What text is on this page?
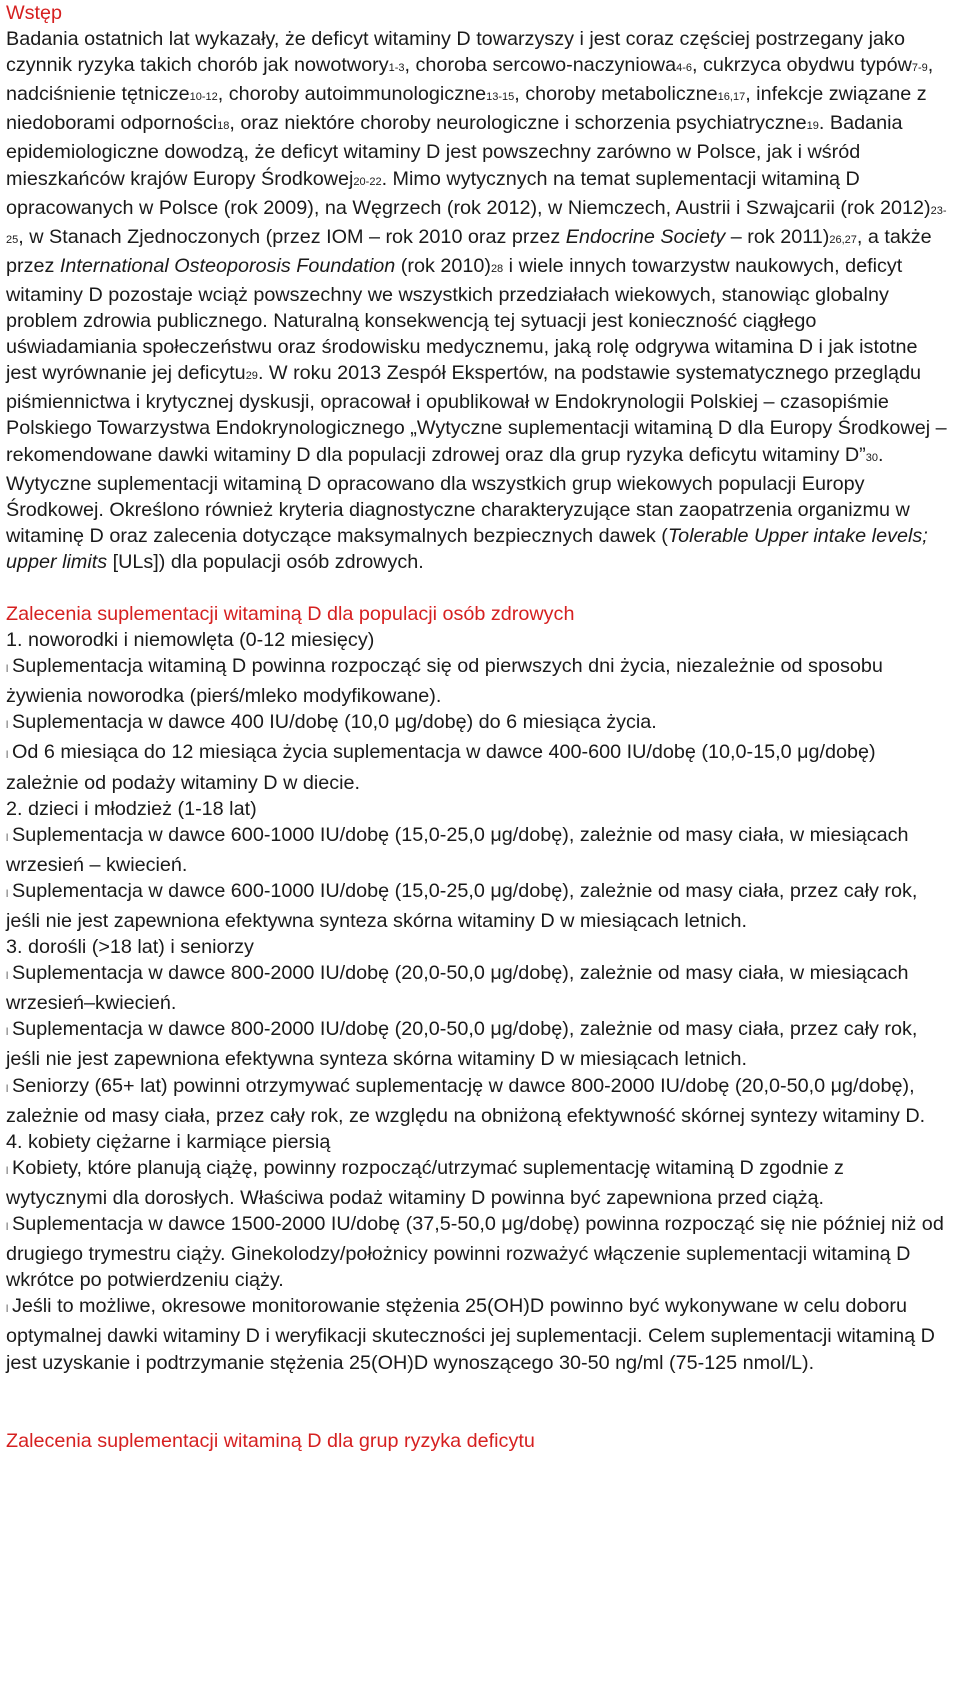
Wstęp

Badania ostatnich lat wykazały, że deficyt witaminy D towarzyszy i jest coraz częściej postrzegany jako czynnik ryzyka takich chorób jak nowotwory1-3, choroba sercowo-naczyniowa4-6, cukrzyca obydwu typów7-9, nadciśnienie tętnicze10-12, choroby autoimmunologiczne13-15, choroby metaboliczne16,17, infekcje związane z niedoborami odporności18, oraz niektóre choroby neurologiczne i schorzenia psychiatryczne19. Badania epidemiologiczne dowodzą, że deficyt witaminy D jest powszechny zarówno w Polsce, jak i wśród mieszkańców krajów Europy Środkowej20-22. Mimo wytycznych na temat suplementacji witaminą D opracowanych w Polsce (rok 2009), na Węgrzech (rok 2012), w Niemczech, Austrii i Szwajcarii (rok 2012)23-25, w Stanach Zjednoczonych (przez IOM – rok 2010 oraz przez Endocrine Society – rok 2011)26,27, a także przez International Osteoporosis Foundation (rok 2010)28 i wiele innych towarzystw naukowych, deficyt witaminy D pozostaje wciąż powszechny we wszystkich przedziałach wiekowych, stanowiąc globalny problem zdrowia publicznego. Naturalną konsekwencją tej sytuacji jest konieczność ciągłego uświadamiania społeczeństwu oraz środowisku medycznemu, jaką rolę odgrywa witamina D i jak istotne jest wyrównanie jej deficytu29. W roku 2013 Zespół Ekspertów, na podstawie systematycznego przeglądu piśmiennictwa i krytycznej dyskusji, opracował i opublikował w Endokrynologii Polskiej – czasopiśmie Polskiego Towarzystwa Endokrynologicznego „Wytyczne suplementacji witaminą D dla Europy Środkowej – rekomendowane dawki witaminy D dla populacji zdrowej oraz dla grup ryzyka deficytu witaminy D”30. Wytyczne suplementacji witaminą D opracowano dla wszystkich grup wiekowych populacji Europy Środkowej. Określono również kryteria diagnostyczne charakteryzujące stan zaopatrzenia organizmu w witaminę D oraz zalecenia dotyczące maksymalnych bezpiecznych dawek (Tolerable Upper intake levels; upper limits [ULs]) dla populacji osób zdrowych.

Zalecenia suplementacji witaminą D dla populacji osób zdrowych

1. noworodki i niemowlęta (0-12 miesięcy)

l Suplementacja witaminą D powinna rozpocząć się od pierwszych dni życia, niezależnie od sposobu żywienia noworodka (pierś/mleko modyfikowane).

l Suplementacja w dawce 400 IU/dobę (10,0 μg/dobę) do 6 miesiąca życia.

l Od 6 miesiąca do 12 miesiąca życia suplementacja w dawce 400-600 IU/dobę (10,0-15,0 μg/dobę) zależnie od podaży witaminy D w diecie.

2. dzieci i młodzież (1-18 lat)

l Suplementacja w dawce 600-1000 IU/dobę (15,0-25,0 μg/dobę), zależnie od masy ciała, w miesiącach wrzesień – kwiecień.

l Suplementacja w dawce 600-1000 IU/dobę (15,0-25,0 μg/dobę), zależnie od masy ciała, przez cały rok, jeśli nie jest zapewniona efektywna synteza skórna witaminy D w miesiącach letnich.

3. dorośli (>18 lat) i seniorzy

l Suplementacja w dawce 800-2000 IU/dobę (20,0-50,0 μg/dobę), zależnie od masy ciała, w miesiącach wrzesień–kwiecień.

l Suplementacja w dawce 800-2000 IU/dobę (20,0-50,0 μg/dobę), zależnie od masy ciała, przez cały rok, jeśli nie jest zapewniona efektywna synteza skórna witaminy D w miesiącach letnich.

l Seniorzy (65+ lat) powinni otrzymywać suplementację w dawce 800-2000 IU/dobę (20,0-50,0 μg/dobę), zależnie od masy ciała, przez cały rok, ze względu na obniżoną efektywność skórnej syntezy witaminy D.

4. kobiety ciężarne i karmiące piersią

l Kobiety, które planują ciążę, powinny rozpocząć/utrzymać suplementację witaminą D zgodnie z wytycznymi dla dorosłych. Właściwa podaż witaminy D powinna być zapewniona przed ciążą.

l Suplementacja w dawce 1500-2000 IU/dobę (37,5-50,0 μg/dobę) powinna rozpocząć się nie później niż od drugiego trymestru ciąży. Ginekolodzy/położnicy powinni rozważyć włączenie suplementacji witaminą D wkrótce po potwierdzeniu ciąży.

l Jeśli to możliwe, okresowe monitorowanie stężenia 25(OH)D powinno być wykonywane w celu doboru optymalnej dawki witaminy D i weryfikacji skuteczności jej suplementacji. Celem suplementacji witaminą D jest uzyskanie i podtrzymanie stężenia 25(OH)D wynoszącego 30-50 ng/ml (75-125 nmol/L).

Zalecenia suplementacji witaminą D dla grup ryzyka deficytu
